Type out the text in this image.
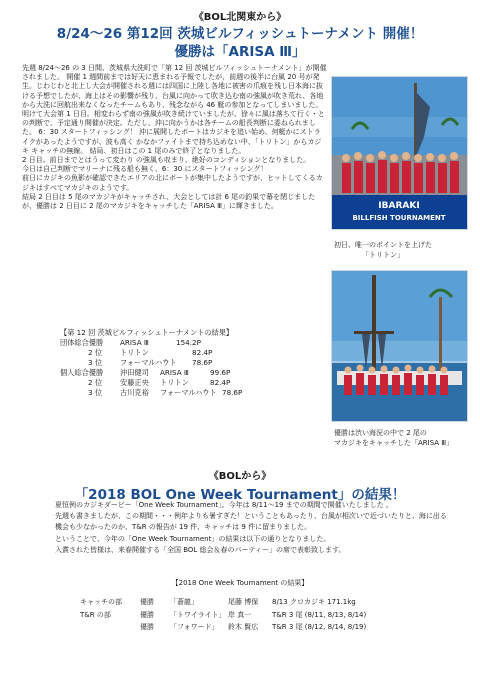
《BOL北関東から》
8/24〜26 第12回 茨城ビルフィッシュトーナメント 開催！
優勝は「ARISA Ⅲ」

先週 8/24〜26 の 3 日間、茨城県大洗町で「第 12 回 茨城ビルフィッシュトーナメント」が開催されました。 開催 1 週間前までは好天に恵まれる予報でしたが、前週の後半に台風 20 号が発生。じわじわと北上し大会が開催される週には四国に上陸し各地に被害の爪痕を残し日本海に抜ける予想でしたが、海上はその影響が残り、台風に向かって吹き込む南の強風が吹き荒れ、各地から大洗に回航出来なくなったチームもあり、残念ながら 46 艇の参加となってしまいました。

明けて大会第 1 日目。相変わらず南の強風が吹き続けていましたが、徐々に風は落ちて行く・との判断で、予定通り開催が決定。ただし、沖に向かうかは各チームの船長判断に委ねられました。 6：30 スタートフィッシング！ 沖に展開したボートはカジキを追い始め、何艇かにストライクがあったようですが、波も高く かなかファイトまで持ち込めない中、「トリトン」からカジキ キャッチの無線。 結局、初日はこの 1 尾のみで終了となりました。

2 日目。前日までとはうって変わり の強風も収まり、絶好のコンディションとなりました。

今日は自己判断でマリーナに残る船も無く、6：30 にスタートフィッシング！

前日にカジキの魚影が確認できたエリアの北にボートが集中したようですが、ヒットしてくるカジキはすべてマカジキのようです。

結局 2 日目は 5 尾のマカジキがキャッチされ、大会としては計 6 尾の釣果で幕を閉じましたが、優勝は 2 日目に 2 尾のマカジキをキャッチした「ARISA Ⅲ」に輝きました。

【第 12 回 茨城ビルフィッシュトーナメントの結果】
団体総合優勝	ARISA Ⅲ	154.2P
2 位 トリトン	82.4P
3 位 フォーマルハウト	78.6P
個人総合優勝	沖田健司	ARISA Ⅲ	99.6P
2 位 安藤正央	トリトン	82.4P
3 位 古川克裕	フォーマルハウト 78.6P
IBARAKI
BILLFISH TOURNAMENT
初日、唯一のポイントを上げた
「トリトン」
優勝は渋い海況の中で 2 尾の
マカジキをキャッチした「ARISA Ⅲ」
《BOLから》
「2018 BOL One Week Tournament」の結果！

夏恒例のカジキダービー「One Week Tournament」。今年は 8/11〜19 までの期間で開催いたしました 。

先週も書きましたが、この期間・・・例年よりも暑すぎた！ということもあったり、台風が相次いで近づいたりと、海に出る機会も少なかったのか、T&R の報告が 19 件、キャッチは 9 件に留まりました。

ということで、今年の「One Week Tournament」の結果は以下の通りとなりました。

入賞された皆様は、来春開催する「全国 BOL 総会＆春のパーティー」の席で表彰致します。

【2018 One Week Tournament の結果】
キャッチの部	優勝	「蒼龍」	尾藤 博保	8/13 クロカジキ 171.1kg
T&R の部	優勝	「トワイライト」 岸 真一	T&R 3 尾 (8/11, 8/13, 8/14)
優勝	「フォワード」	鈴木 賢広	T&R 3 尾 (8/12, 8/14, 8/19)
